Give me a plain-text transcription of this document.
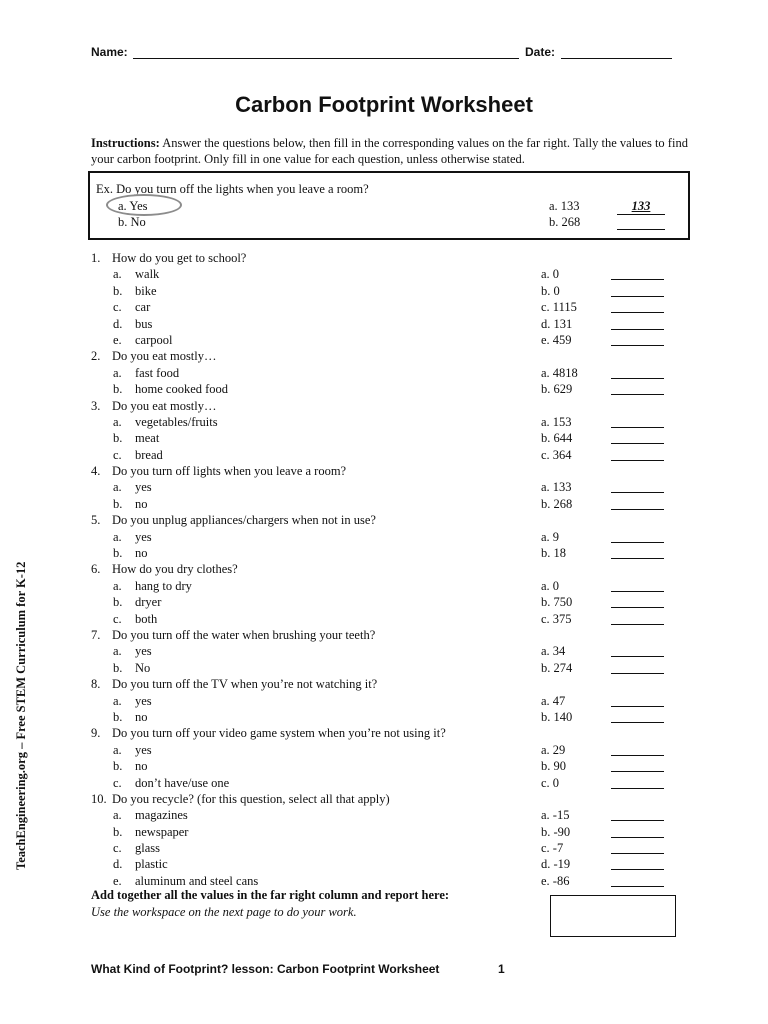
Name:	Date:
Carbon Footprint Worksheet
Instructions: Answer the questions below, then fill in the corresponding values on the far right. Tally the values to find your carbon footprint. Only fill in one value for each question, unless otherwise stated.
Ex. Do you turn off the lights when you leave a room?
a. Yes	a. 133	133
b. No	b. 268
1. How do you get to school?
a. walk	a. 0
b. bike	b. 0
c. car	c. 1115
d. bus	d. 131
e. carpool	e. 459
2. Do you eat mostly…
a. fast food	a. 4818
b. home cooked food	b. 629
3. Do you eat mostly…
a. vegetables/fruits	a. 153
b. meat	b. 644
c. bread	c. 364
4. Do you turn off lights when you leave a room?
a. yes	a. 133
b. no	b. 268
5. Do you unplug appliances/chargers when not in use?
a. yes	a. 9
b. no	b. 18
6. How do you dry clothes?
a. hang to dry	a. 0
b. dryer	b. 750
c. both	c. 375
7. Do you turn off the water when brushing your teeth?
a. yes	a. 34
b. No	b. 274
8. Do you turn off the TV when you’re not watching it?
a. yes	a. 47
b. no	b. 140
9. Do you turn off your video game system when you’re not using it?
a. yes	a. 29
b. no	b. 90
c. don’t have/use one	c. 0
10. Do you recycle? (for this question, select all that apply)
a. magazines	a. -15
b. newspaper	b. -90
c. glass	c. -7
d. plastic	d. -19
e. aluminum and steel cans	e. -86
Add together all the values in the far right column and report here:
Use the workspace on the next page to do your work.
TeachEngineering.org – Free STEM Curriculum for K-12
What Kind of Footprint? lesson: Carbon Footprint Worksheet	1
